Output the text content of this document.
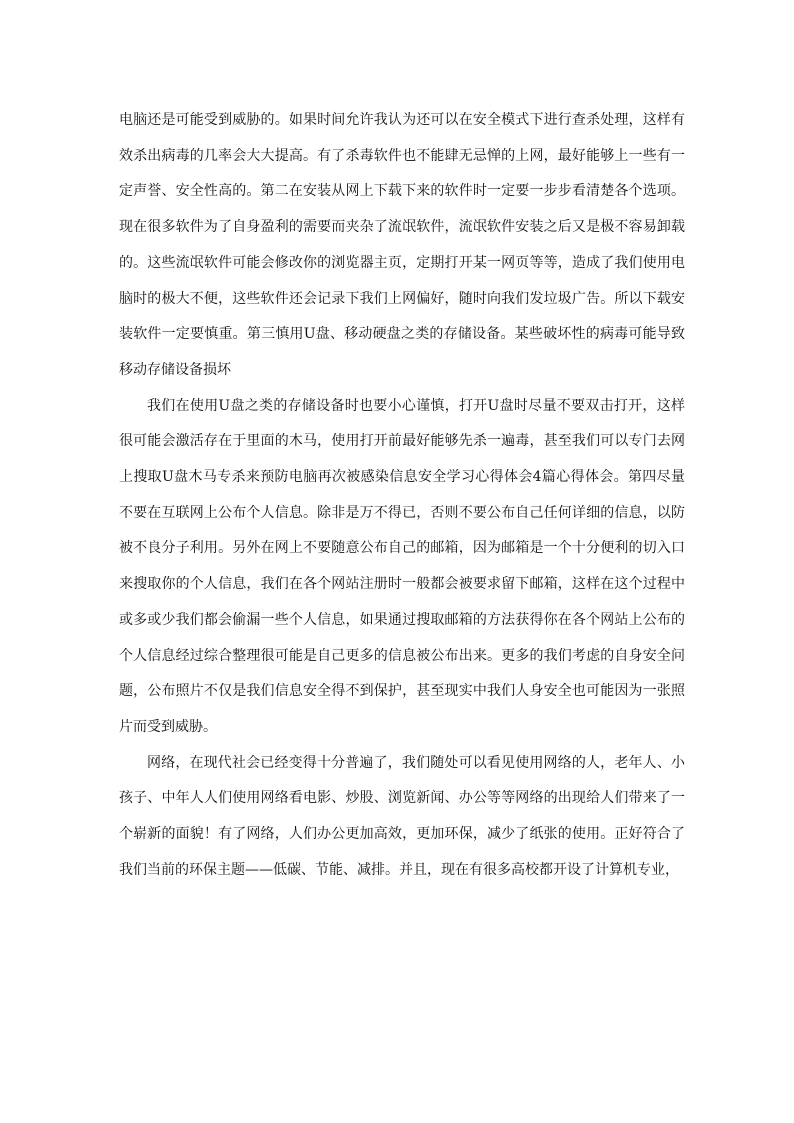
电脑还是可能受到威胁的。如果时间允许我认为还可以在安全模式下进行查杀处理，这样有效杀出病毒的几率会大大提高。有了杀毒软件也不能肆无忌惮的上网，最好能够上一些有一定声誉、安全性高的。第二在安装从网上下载下来的软件时一定要一步步看清楚各个选项。现在很多软件为了自身盈利的需要而夹杂了流氓软件，流氓软件安装之后又是极不容易卸载的。这些流氓软件可能会修改你的浏览器主页，定期打开某一网页等等，造成了我们使用电脑时的极大不便，这些软件还会记录下我们上网偏好，随时向我们发垃圾广告。所以下载安装软件一定要慎重。第三慎用U盘、移动硬盘之类的存储设备。某些破坏性的病毒可能导致移动存储设备损坏

我们在使用U盘之类的存储设备时也要小心谨慎，打开U盘时尽量不要双击打开，这样很可能会激活存在于里面的木马，使用打开前最好能够先杀一遍毒，甚至我们可以专门去网上搜取U盘木马专杀来预防电脑再次被感染信息安全学习心得体会4篇心得体会。第四尽量不要在互联网上公布个人信息。除非是万不得已，否则不要公布自己任何详细的信息，以防被不良分子利用。另外在网上不要随意公布自己的邮箱，因为邮箱是一个十分便利的切入口来搜取你的个人信息，我们在各个网站注册时一般都会被要求留下邮箱，这样在这个过程中或多或少我们都会偷漏一些个人信息，如果通过搜取邮箱的方法获得你在各个网站上公布的个人信息经过综合整理很可能是自己更多的信息被公布出来。更多的我们考虑的自身安全问题，公布照片不仅是我们信息安全得不到保护，甚至现实中我们人身安全也可能因为一张照片而受到威胁。

网络，在现代社会已经变得十分普遍了，我们随处可以看见使用网络的人，老年人、小孩子、中年人人们使用网络看电影、炒股、浏览新闻、办公等等网络的出现给人们带来了一个崭新的面貌！有了网络，人们办公更加高效，更加环保，减少了纸张的使用。正好符合了我们当前的环保主题——低碳、节能、减排。并且，现在有很多高校都开设了计算机专业，
